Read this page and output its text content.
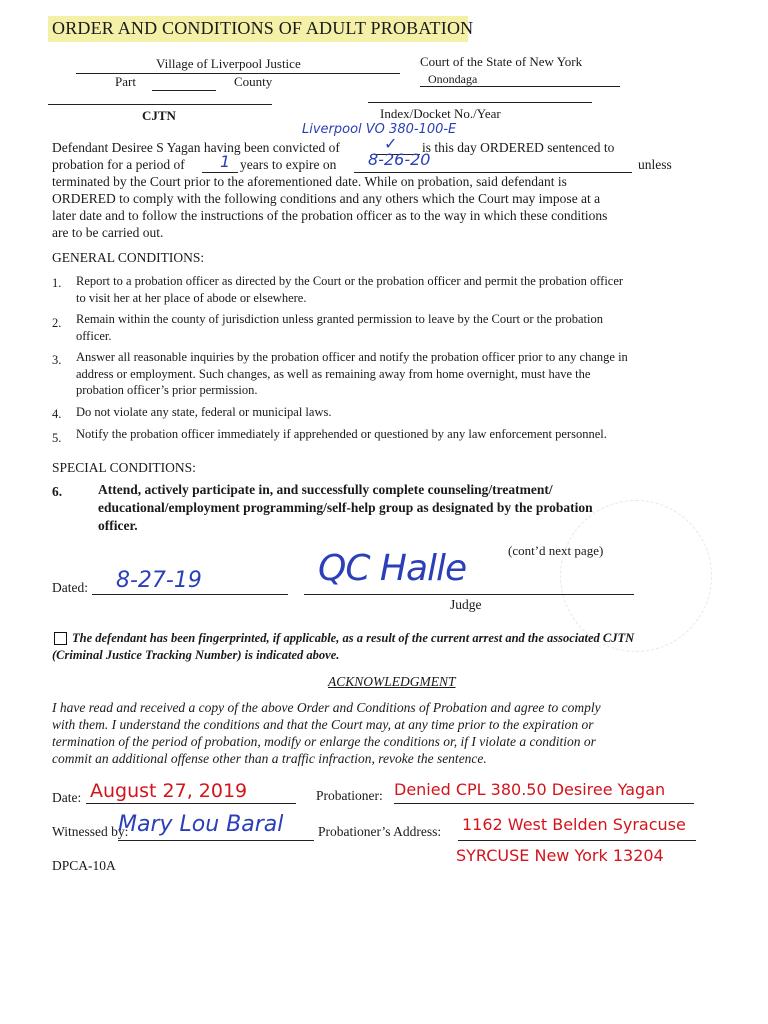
ORDER AND CONDITIONS OF ADULT PROBATION
Village of Liverpool Justice	Court of the State of New York
Onondaga
Part	County
CJTN	Index/Docket No./Year
Liverpool VO 380-100-E
Defendant Desiree S Yagan having been convicted of	✓ is this day ORDERED sentenced to
probation for a period of 1 years to expire on 8-26-20	unless
terminated by the Court prior to the aforementioned date. While on probation, said defendant is
ORDERED to comply with the following conditions and any others which the Court may impose at a
later date and to follow the instructions of the probation officer as to the way in which these conditions
are to be carried out.
GENERAL CONDITIONS:
1. Report to a probation officer as directed by the Court or the probation officer and permit the probation officer
to visit her at her place of abode or elsewhere.
2. Remain within the county of jurisdiction unless granted permission to leave by the Court or the probation
officer.
3. Answer all reasonable inquiries by the probation officer and notify the probation officer prior to any change in
address or employment. Such changes, as well as remaining away from home overnight, must have the
probation officer’s prior permission.
4. Do not violate any state, federal or municipal laws.
5. Notify the probation officer immediately if apprehended or questioned by any law enforcement personnel.
SPECIAL CONDITIONS:
6.	Attend, actively participate in, and successfully complete counseling/treatment/
educational/employment programming/self-help group as designated by the probation
officer.
(cont’d next page)
Dated: 8-27-19	QC Halle
Judge
The defendant has been fingerprinted, if applicable, as a result of the current arrest and the associated CJTN
(Criminal Justice Tracking Number) is indicated above.
ACKNOWLEDGMENT
I have read and received a copy of the above Order and Conditions of Probation and agree to comply
with them. I understand the conditions and that the Court may, at any time prior to the expiration or
termination of the period of probation, modify or enlarge the conditions or, if I violate a condition or
commit an additional offense other than a traffic infraction, revoke the sentence.
Date: August 27, 2019	Probationer: Denied CPL 380.50 Desiree Yagan
Witnessed by:
Mary Lou Baral	Probationer’s Address: 1162 West Belden Syracuse
SYRCUSE New York 13204
DPCA-10A
